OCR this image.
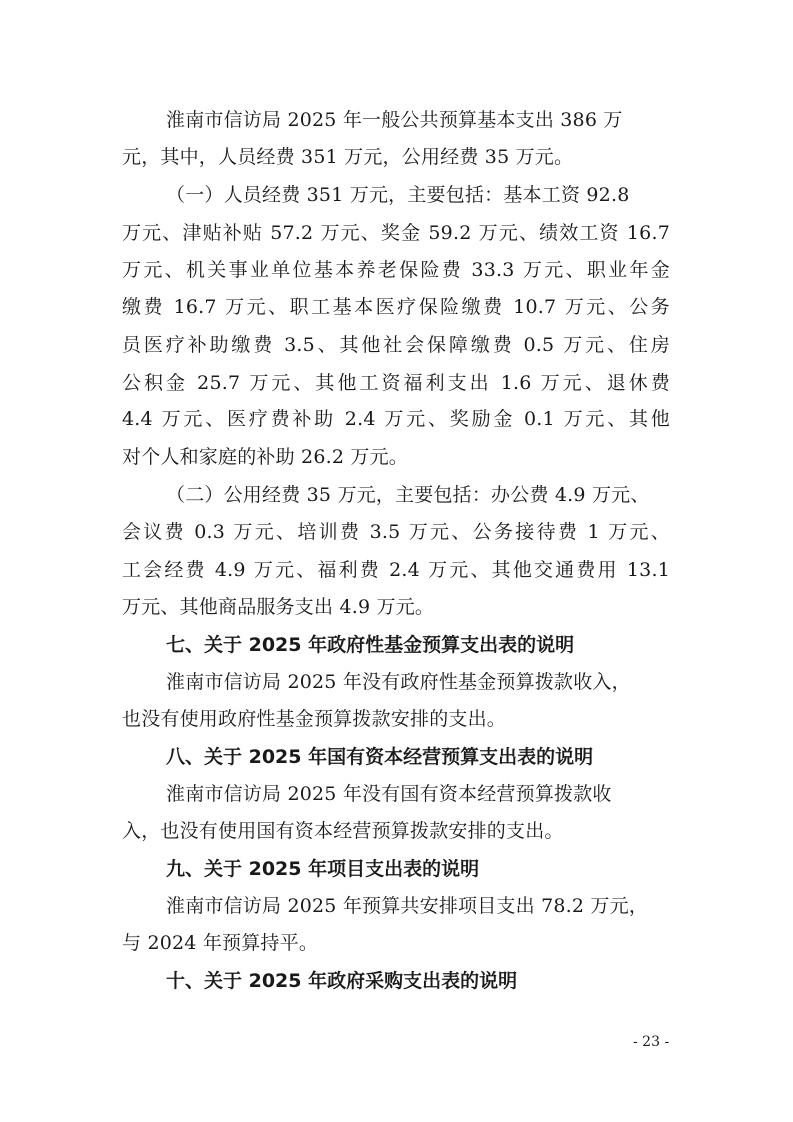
淮南市信访局 2025 年一般公共预算基本支出 386 万
元，其中，人员经费 351 万元，公用经费 35 万元。
（一）人员经费 351 万元，主要包括：基本工资 92.8
万元、津贴补贴 57.2 万元、奖金 59.2 万元、绩效工资 16.7
万元、机关事业单位基本养老保险费 33.3 万元、职业年金
缴费 16.7 万元、职工基本医疗保险缴费 10.7 万元、公务
员医疗补助缴费 3.5、其他社会保障缴费 0.5 万元、住房
公积金 25.7 万元、其他工资福利支出 1.6 万元、退休费
4.4 万元、医疗费补助 2.4 万元、奖励金 0.1 万元、其他
对个人和家庭的补助 26.2 万元。
（二）公用经费 35 万元，主要包括：办公费 4.9 万元、
会议费 0.3 万元、培训费 3.5 万元、公务接待费 1 万元、
工会经费 4.9 万元、福利费 2.4 万元、其他交通费用 13.1
万元、其他商品服务支出 4.9 万元。
七、关于 2025 年政府性基金预算支出表的说明
淮南市信访局 2025 年没有政府性基金预算拨款收入，
也没有使用政府性基金预算拨款安排的支出。
八、关于 2025 年国有资本经营预算支出表的说明
淮南市信访局 2025 年没有国有资本经营预算拨款收
入，也没有使用国有资本经营预算拨款安排的支出。
九、关于 2025 年项目支出表的说明
淮南市信访局 2025 年预算共安排项目支出 78.2 万元，
与 2024 年预算持平。
十、关于 2025 年政府采购支出表的说明
- 23 -
